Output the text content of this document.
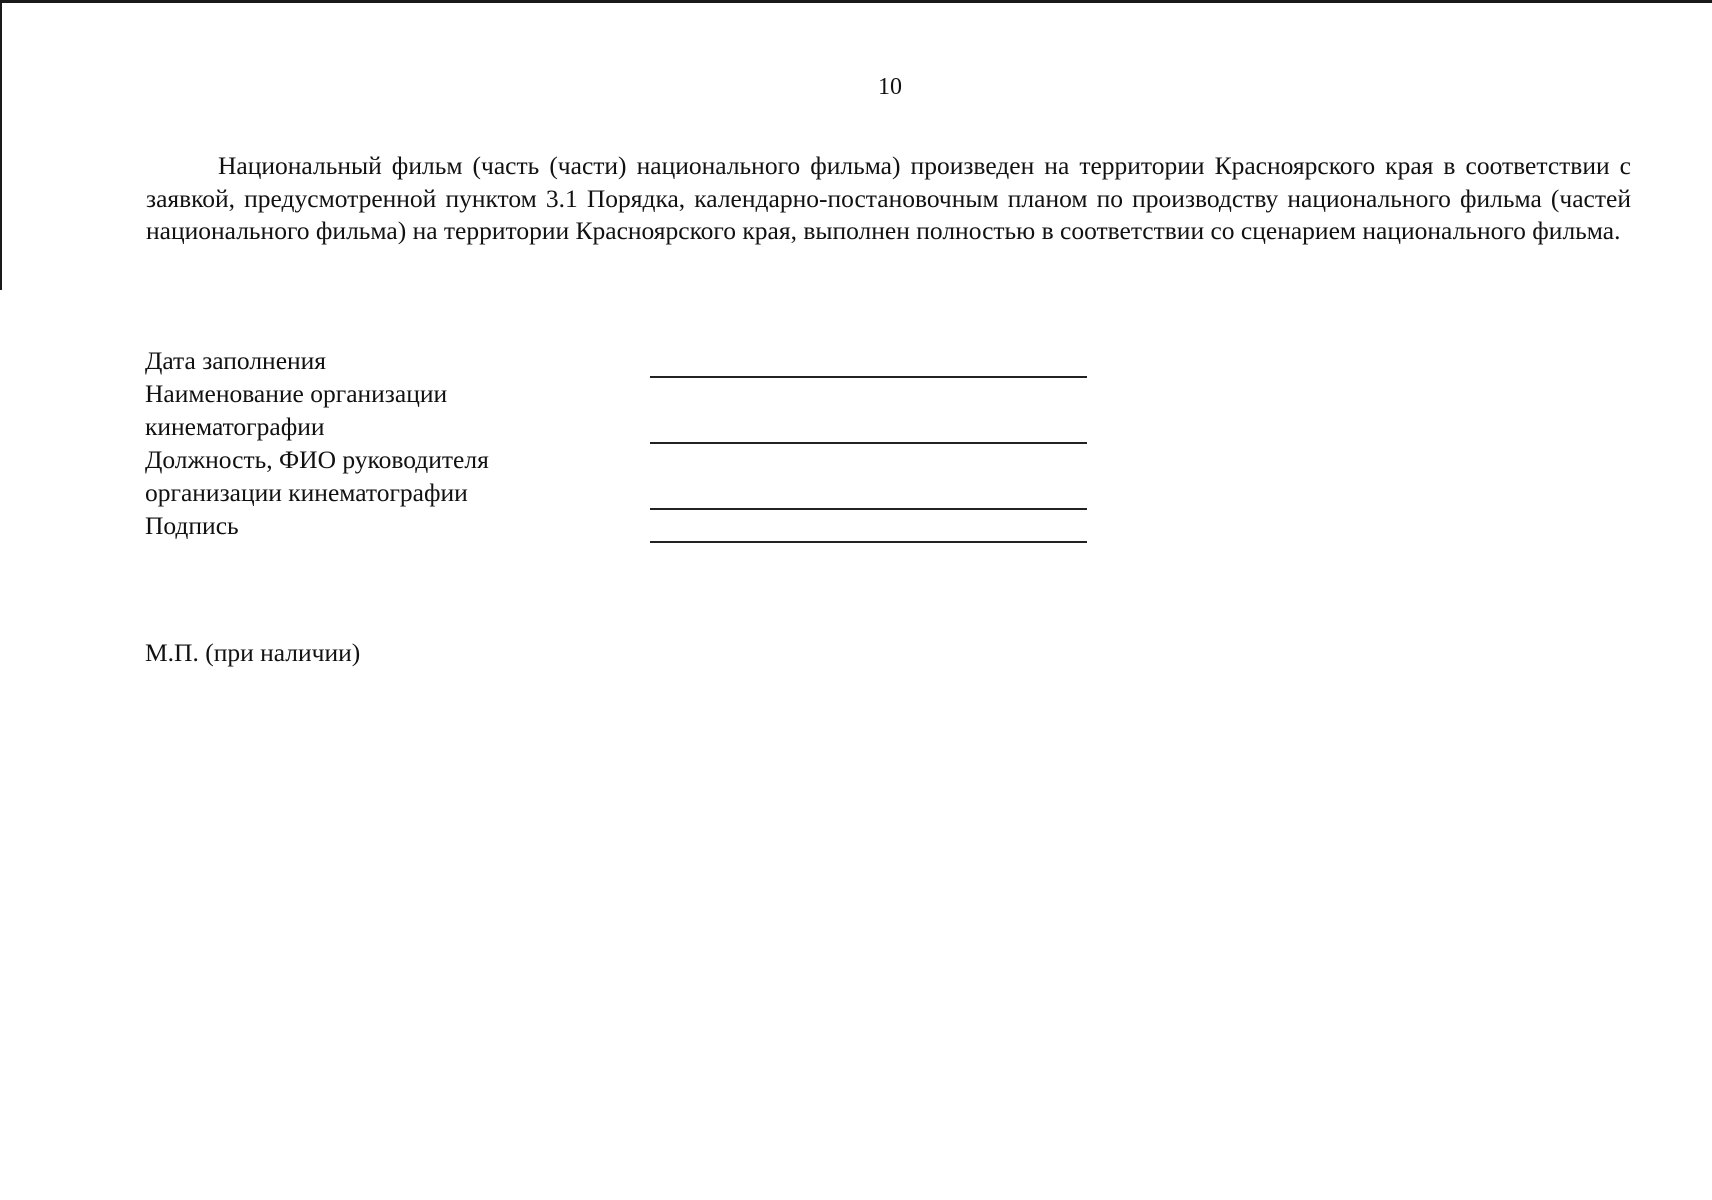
10

Национальный фильм (часть (части) национального фильма) произведен на территории Красноярского края в соответствии с заявкой, предусмотренной пунктом 3.1 Порядка, календарно-постановочным планом по производству национального фильма (частей национального фильма) на территории Красноярского края, выполнен полностью в соответствии со сценарием национального фильма.

Дата заполнения
Наименование организации
кинематографии
Должность, ФИО руководителя
организации кинематографии
Подпись
М.П. (при наличии)
